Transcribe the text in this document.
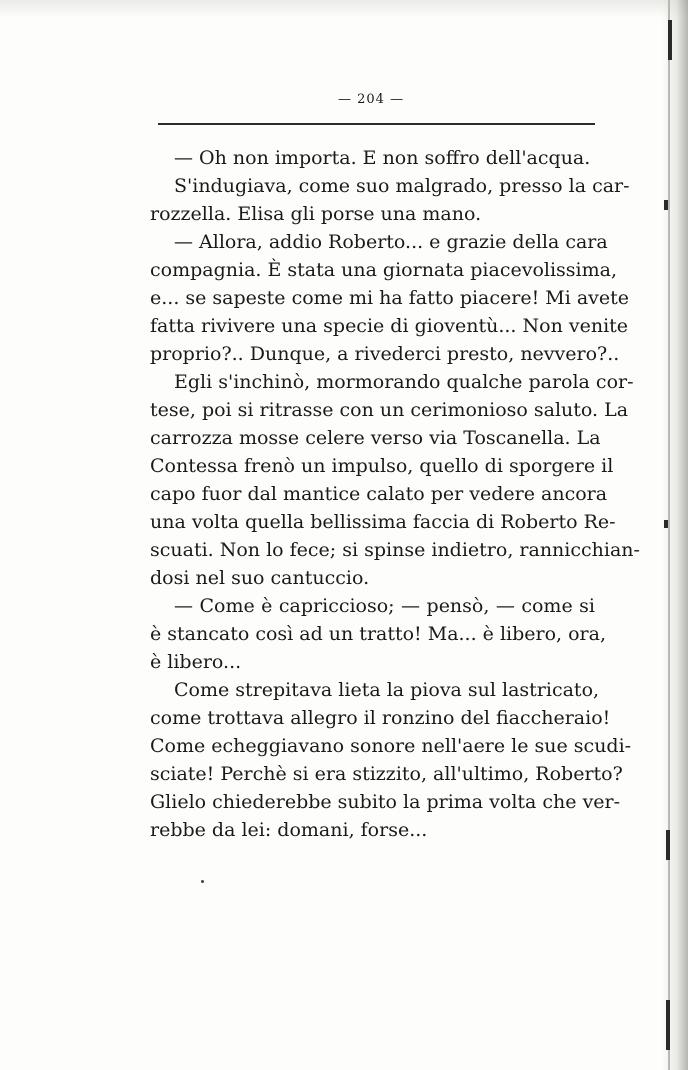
— 204 —
— Oh non importa. E non soffro dell'acqua.
S'indugiava, come suo malgrado, presso la car-
rozzella. Elisa gli porse una mano.
— Allora, addio Roberto... e grazie della cara
compagnia. È stata una giornata piacevolissima,
e... se sapeste come mi ha fatto piacere! Mi avete
fatta rivivere una specie di gioventù... Non venite
proprio?.. Dunque, a rivederci presto, nevvero?..
Egli s'inchinò, mormorando qualche parola cor-
tese, poi si ritrasse con un cerimonioso saluto. La
carrozza mosse celere verso via Toscanella. La
Contessa frenò un impulso, quello di sporgere il
capo fuor dal mantice calato per vedere ancora
una volta quella bellissima faccia di Roberto Re-
scuati. Non lo fece; si spinse indietro, rannicchian-
dosi nel suo cantuccio.
— Come è capriccioso; — pensò, — come si
è stancato così ad un tratto! Ma... è libero, ora,
è libero...
Come strepitava lieta la piova sul lastricato,
come trottava allegro il ronzino del fiaccheraio!
Come echeggiavano sonore nell'aere le sue scudi-
sciate! Perchè si era stizzito, all'ultimo, Roberto?
Glielo chiederebbe subito la prima volta che ver-
rebbe da lei: domani, forse...
